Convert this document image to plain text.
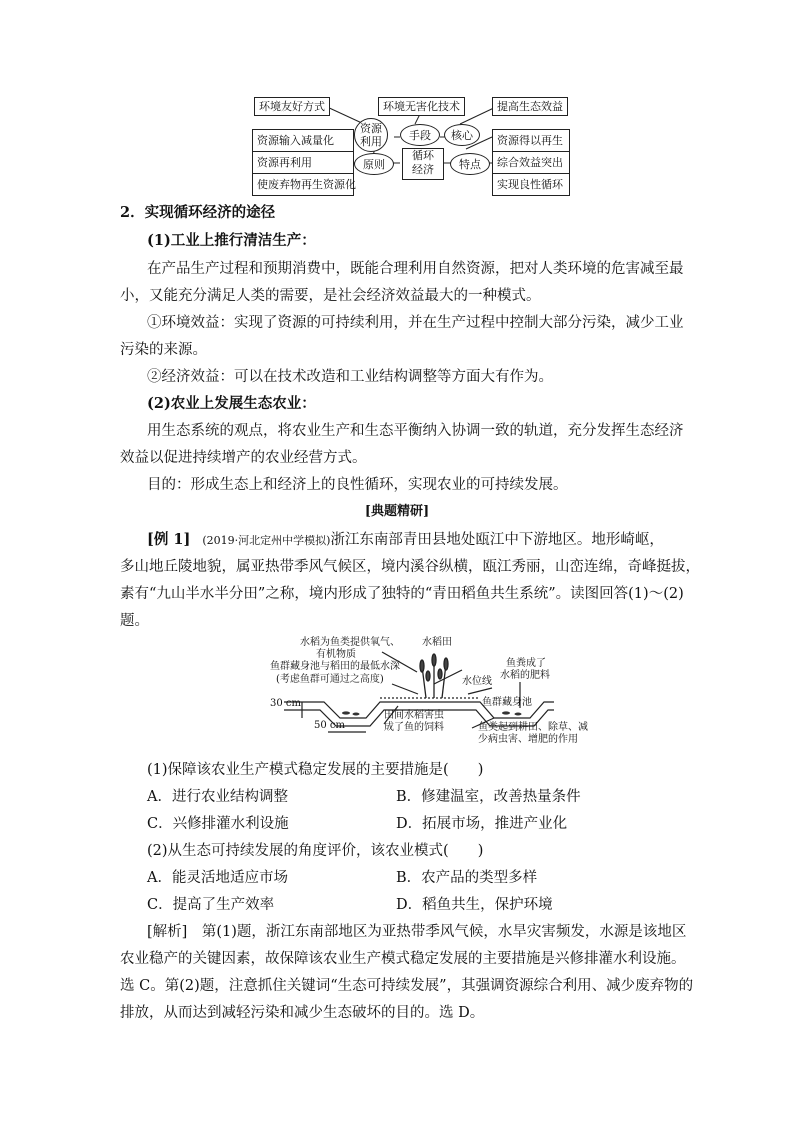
环境友好方式	环境无害化技术	提高生态效益
资源输入减量化
资源再利用
使废弃物再生资源化
资源得以再生
综合效益突出
实现良性循环
资源
利用	手段	核心
原则	特点
循环
经济
2．实现循环经济的途径
(1)工业上推行清洁生产：
在产品生产过程和预期消费中，既能合理利用自然资源，把对人类环境的危害减至最
小，又能充分满足人类的需要，是社会经济效益最大的一种模式。
①环境效益：实现了资源的可持续利用，并在生产过程中控制大部分污染，减少工业
污染的来源。
②经济效益：可以在技术改造和工业结构调整等方面大有作为。
(2)农业上发展生态农业：
用生态系统的观点，将农业生产和生态平衡纳入协调一致的轨道，充分发挥生态经济
效益以促进持续增产的农业经营方式。
目的：形成生态上和经济上的良性循环，实现农业的可持续发展。
[典题精研]
[例 1] (2019·河北定州中学模拟)浙江东南部青田县地处瓯江中下游地区。地形崎岖，
多山地丘陵地貌，属亚热带季风气候区，境内溪谷纵横，瓯江秀丽，山峦连绵，奇峰挺拔，
素有“九山半水半分田”之称，境内形成了独特的“青田稻鱼共生系统”。读图回答(1)～(2)
题。
水稻为鱼类提供氧气、
有机物质
水稻田
鱼群藏身池与稻田的最低水深
(考虑鱼群可通过之高度)
鱼粪成了
水稻的肥料
水位线
鱼群藏身池
30 cm
50 cm
田间水稻害虫
成了鱼的饲料	鱼类起到耕田、除草、减
少病虫害、增肥的作用
(1)保障该农业生产模式稳定发展的主要措施是(　　)
A．进行农业结构调整	B．修建温室，改善热量条件
C．兴修排灌水利设施	D．拓展市场，推进产业化
(2)从生态可持续发展的角度评价，该农业模式(　　)
A．能灵活地适应市场	B．农产品的类型多样
C．提高了生产效率	D．稻鱼共生，保护环境
[解析]　第(1)题，浙江东南部地区为亚热带季风气候，水旱灾害频发，水源是该地区
农业稳产的关键因素，故保障该农业生产模式稳定发展的主要措施是兴修排灌水利设施。
选 C。第(2)题，注意抓住关键词“生态可持续发展”，其强调资源综合利用、减少废弃物的
排放，从而达到减轻污染和减少生态破坏的目的。选 D。
